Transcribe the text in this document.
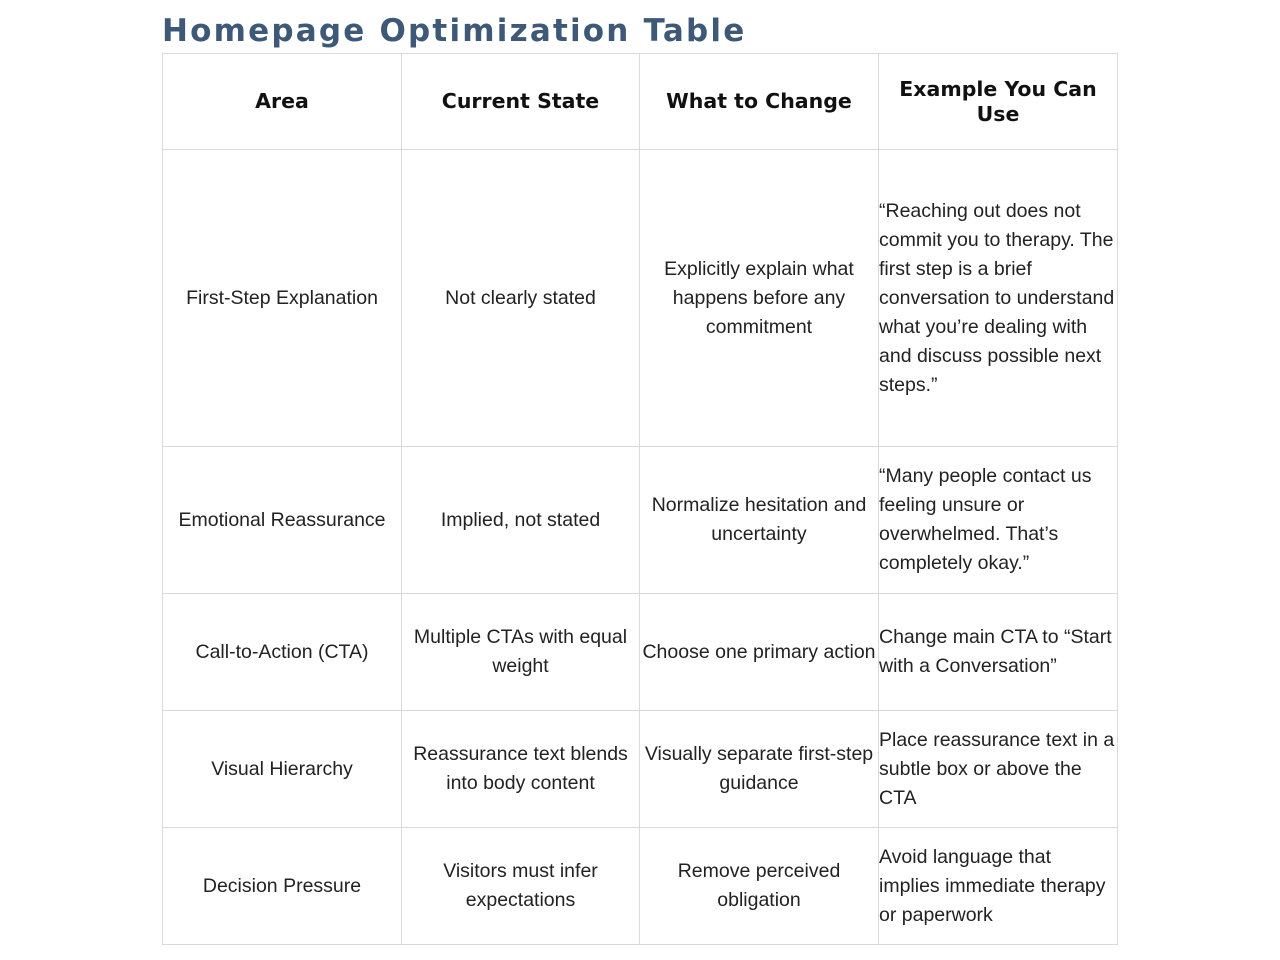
Homepage Optimization Table
Area	Current State	What to Change	Example You Can Use
First-Step Explanation	Not clearly stated	Explicitly explain what happens before any commitment	“Reaching out does not commit you to therapy. The first step is a brief conversation to understand what you’re dealing with and discuss possible next steps.”
Emotional Reassurance	Implied, not stated	Normalize hesitation and uncertainty	“Many people contact us feeling unsure or overwhelmed. That’s completely okay.”
Call-to-Action (CTA)	Multiple CTAs with equal weight	Choose one primary action	Change main CTA to “Start with a Conversation”
Visual Hierarchy	Reassurance text blends into body content	Visually separate first-step guidance	Place reassurance text in a subtle box or above the CTA
Decision Pressure	Visitors must infer expectations	Remove perceived obligation	Avoid language that implies immediate therapy or paperwork
